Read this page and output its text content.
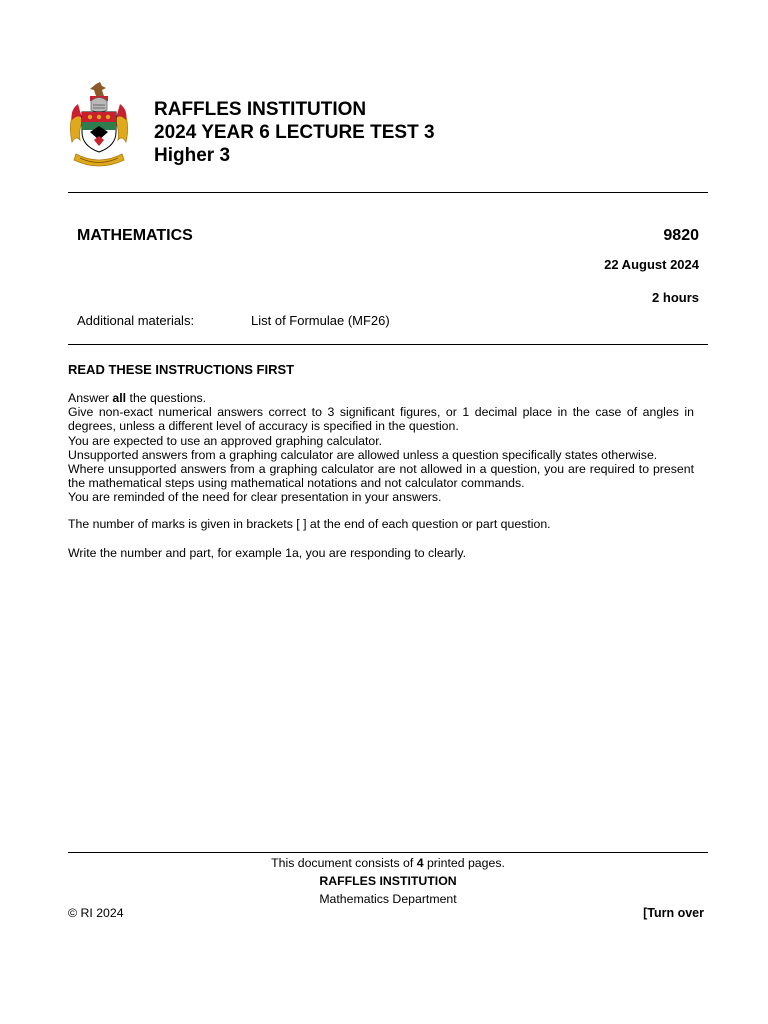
RAFFLES INSTITUTION
2024 YEAR 6 LECTURE TEST 3
Higher 3
MATHEMATICS	9820
22 August 2024
2 hours
Additional materials:	List of Formulae (MF26)
READ THESE INSTRUCTIONS FIRST

Answer all the questions.

Give non-exact numerical answers correct to 3 significant figures, or 1 decimal place in the case of angles in degrees, unless a different level of accuracy is specified in the question.

You are expected to use an approved graphing calculator.

Unsupported answers from a graphing calculator are allowed unless a question specifically states otherwise.

Where unsupported answers from a graphing calculator are not allowed in a question, you are required to present the mathematical steps using mathematical notations and not calculator commands.

You are reminded of the need for clear presentation in your answers.

The number of marks is given in brackets [ ] at the end of each question or part question.
Write the number and part, for example 1a, you are responding to clearly.
This document consists of 4 printed pages.
RAFFLES INSTITUTION
Mathematics Department
© RI 2024	[Turn over
